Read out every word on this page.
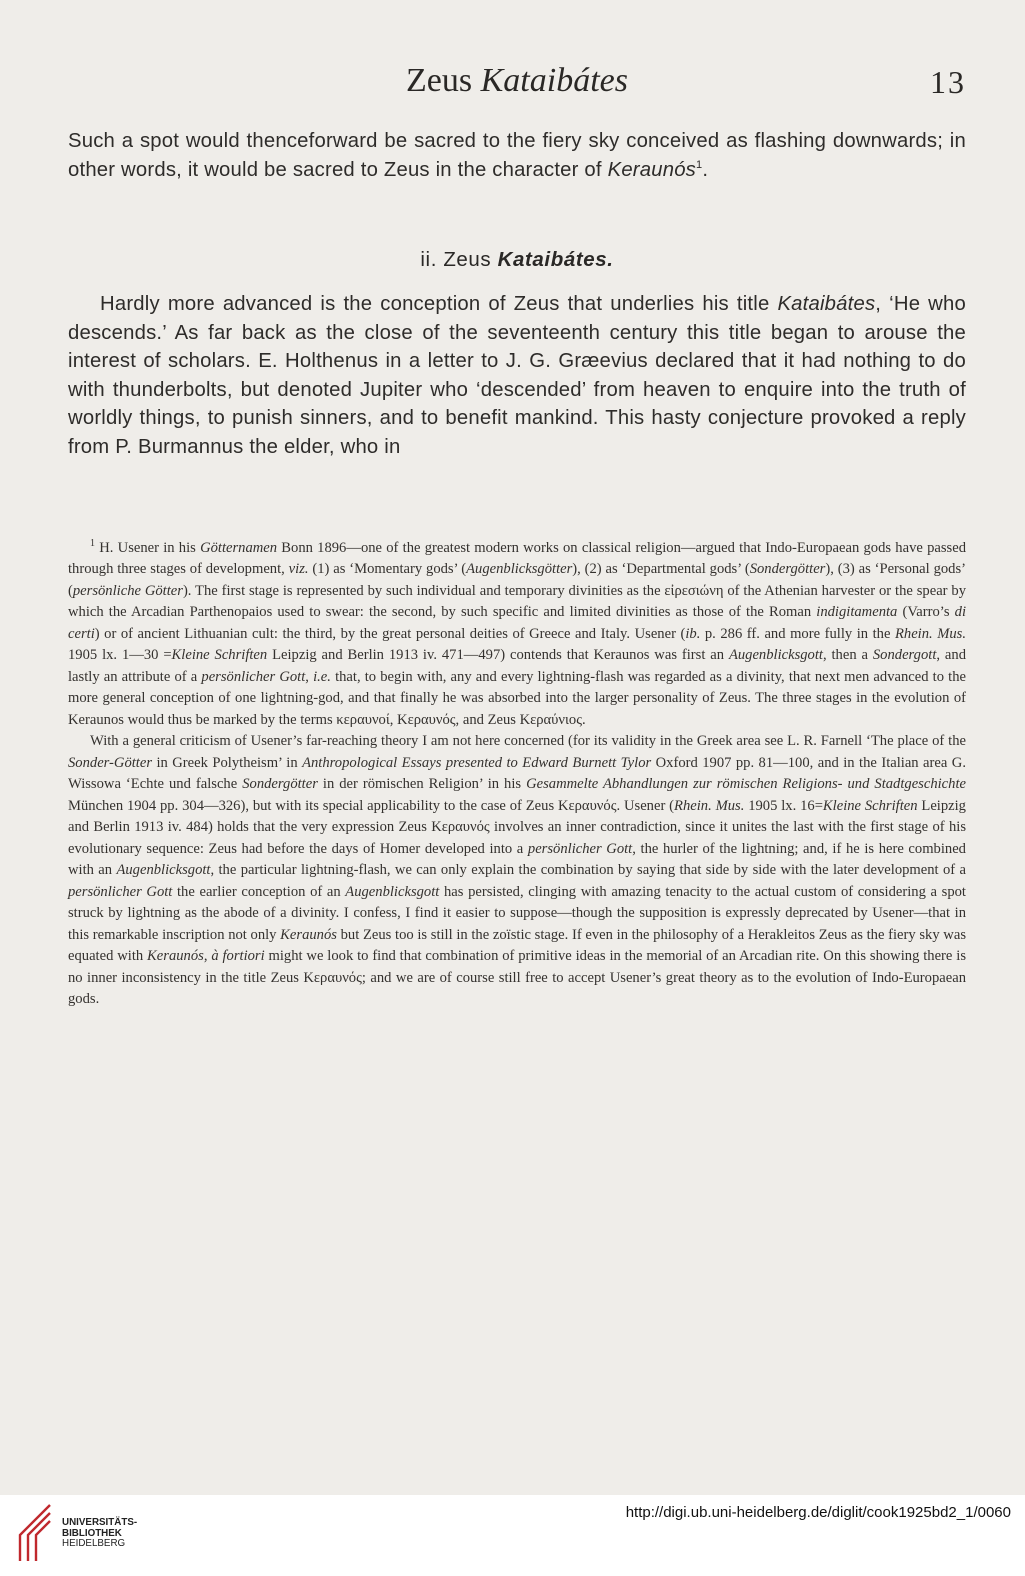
Zeus Kataibátes	13

Such a spot would thenceforward be sacred to the fiery sky conceived as flashing downwards; in other words, it would be sacred to Zeus in the character of Keraunós$^1$.

ii. Zeus Kataibátes.

Hardly more advanced is the conception of Zeus that underlies his title Kataibátes, ‘He who descends.’ As far back as the close of the seventeenth century this title began to arouse the interest of scholars. E. Holthenus in a letter to J. G. Græevius declared that it had nothing to do with thunderbolts, but denoted Jupiter who ‘descended’ from heaven to enquire into the truth of worldly things, to punish sinners, and to benefit mankind. This hasty conjecture provoked a reply from P. Burmannus the elder, who in

$^1$ H. Usener in his Götternamen Bonn 1896—one of the greatest modern works on classical religion—argued that Indo-Europaean gods have passed through three stages of development, viz. (1) as ‘Momentary gods’ (Augenblicksgötter), (2) as ‘Departmental gods’ (Sondergötter), (3) as ‘Personal gods’ (persönliche Götter). The first stage is represented by such individual and temporary divinities as the εἰρεσιώνη of the Athenian harvester or the spear by which the Arcadian Parthenopaios used to swear: the second, by such specific and limited divinities as those of the Roman indigitamenta (Varro’s di certi) or of ancient Lithuanian cult: the third, by the great personal deities of Greece and Italy. Usener (ib. p. 286 ff. and more fully in the Rhein. Mus. 1905 lx. 1—30 =Kleine Schriften Leipzig and Berlin 1913 iv. 471—497) contends that Keraunos was first an Augenblicksgott, then a Sondergott, and lastly an attribute of a persönlicher Gott, i.e. that, to begin with, any and every lightning-flash was regarded as a divinity, that next men advanced to the more general conception of one lightning-god, and that finally he was absorbed into the larger personality of Zeus. The three stages in the evolution of Keraunos would thus be marked by the terms κεραυνοί, Κεραυνός, and Zeus Κεραύνιος.

With a general criticism of Usener’s far-reaching theory I am not here concerned (for its validity in the Greek area see L. R. Farnell ‘The place of the Sonder-Götter in Greek Polytheism’ in Anthropological Essays presented to Edward Burnett Tylor Oxford 1907 pp. 81—100, and in the Italian area G. Wissowa ‘Echte und falsche Sondergötter in der römischen Religion’ in his Gesammelte Abhandlungen zur römischen Religions- und Stadtgeschichte München 1904 pp. 304—326), but with its special applicability to the case of Zeus Κεραυνός. Usener (Rhein. Mus. 1905 lx. 16=Kleine Schriften Leipzig and Berlin 1913 iv. 484) holds that the very expression Zeus Κεραυνός involves an inner contradiction, since it unites the last with the first stage of his evolutionary sequence: Zeus had before the days of Homer developed into a persönlicher Gott, the hurler of the lightning; and, if he is here combined with an Augenblicksgott, the particular lightning-flash, we can only explain the combination by saying that side by side with the later development of a persönlicher Gott the earlier conception of an Augenblicksgott has persisted, clinging with amazing tenacity to the actual custom of considering a spot struck by lightning as the abode of a divinity. I confess, I find it easier to suppose—though the supposition is expressly deprecated by Usener—that in this remarkable inscription not only Keraunós but Zeus too is still in the zoïstic stage. If even in the philosophy of a Herakleitos Zeus as the fiery sky was equated with Keraunós, à fortiori might we look to find that combination of primitive ideas in the memorial of an Arcadian rite. On this showing there is no inner inconsistency in the title Zeus Κεραυνός; and we are of course still free to accept Usener’s great theory as to the evolution of Indo-Europaean gods.

UNIVERSITÄTS-
BIBLIOTHEK
HEIDELBERG
http://digi.ub.uni-heidelberg.de/diglit/cook1925bd2_1/0060
